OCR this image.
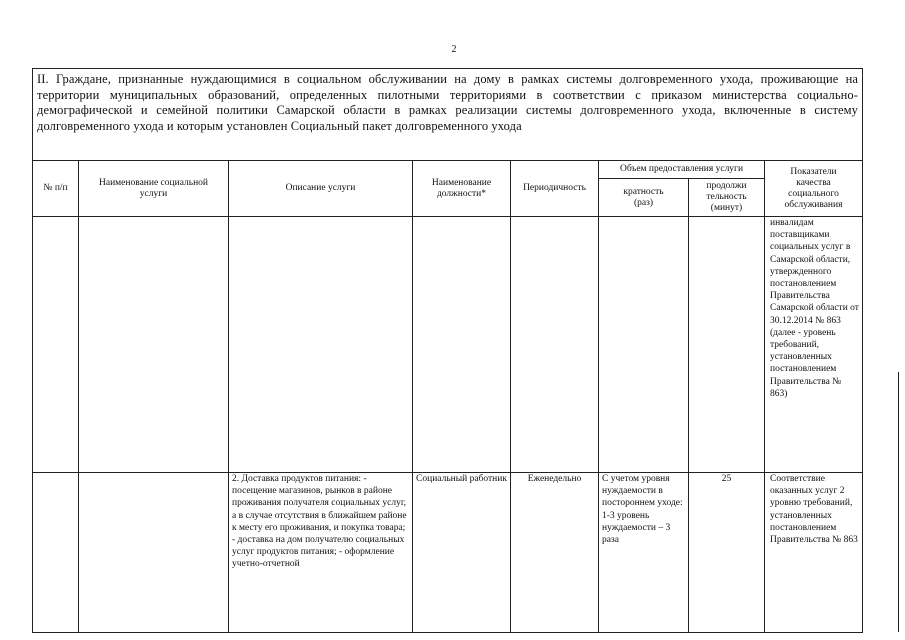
2
II. Граждане, признанные нуждающимися в социальном обслуживании на дому в рамках системы долговременного ухода, проживающие на территории муниципальных образований, определенных пилотными территориями в соответствии с приказом министерства социально-демографической и семейной политики Самарской области в рамках реализации системы долговременного ухода, включенные в систему долговременного ухода и которым установлен Социальный пакет долговременного ухода							
№ п/п	Наименование социальной услуги	Описание услуги	Наименование должности*	Периодичность	Объем предоставления услуги		Показатели качества социального обслуживания
					кратность (раз)	продолжи тельность (минут)	
							инвалидам поставщиками социальных услуг в Самарской области, утвержденного постановлением Правительства Самарской области от 30.12.2014 № 863 (далее - уровень требований, установленных постановлением Правительства № 863)
		2. Доставка продуктов питания: - посещение магазинов, рынков в районе проживания получателя социальных услуг, а в случае отсутствия в ближайшем районе к месту его проживания, и покупка товара; - доставка на дом получателю социальных услуг продуктов питания; - оформление учетно-отчетной	Социальный работник	Еженедельно	С учетом уровня нуждаемости в постороннем уходе: 1-3 уровень нуждаемости – 3 раза	25	Соответствие оказанных услуг 2 уровню требований, установленных постановлением Правительства № 863
